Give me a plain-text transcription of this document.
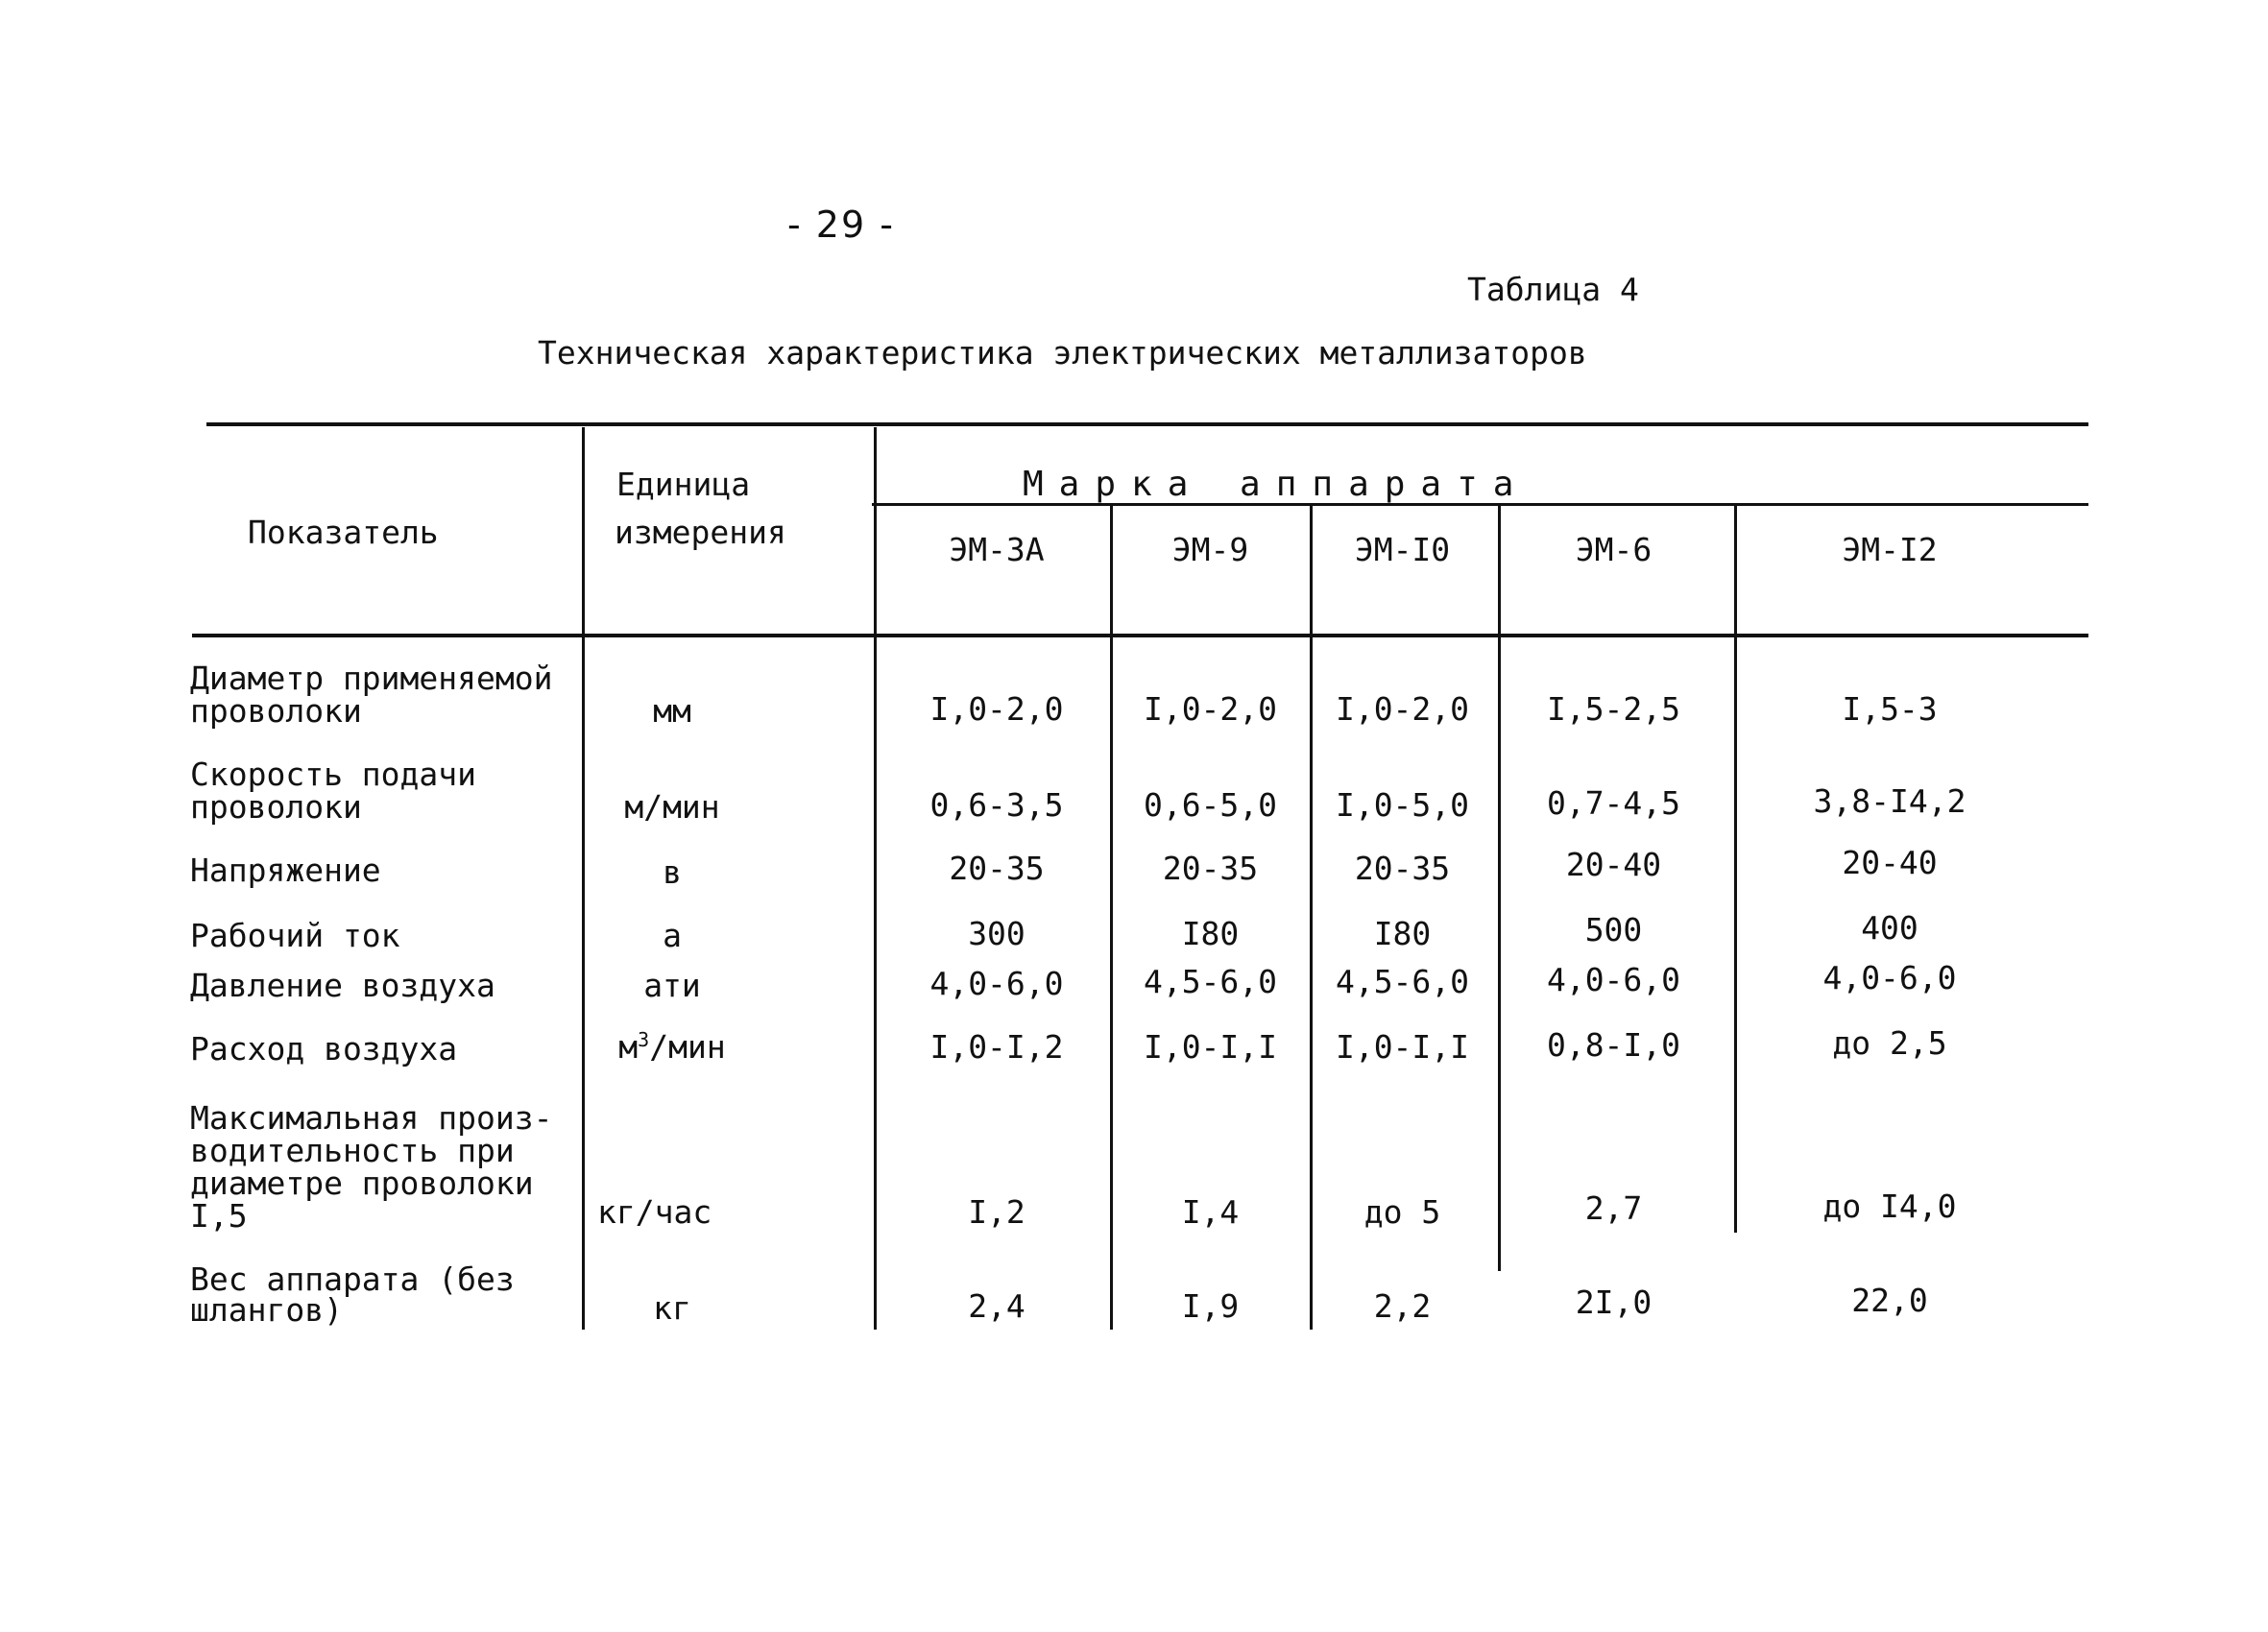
- 29 -
Таблица 4
Техническая характеристика электрических металлизаторов
Показатель
Единица
измерения
Марка аппарата
ЭМ-3А	ЭМ-9	ЭМ-І0	ЭМ-6	ЭМ-І2
Диаметр применяемой
проволоки	мм	І,0-2,0	І,0-2,0	І,0-2,0	І,5-2,5	І,5-3
Скорость подачи
проволоки	м/мин	0,6-3,5	0,6-5,0	І,0-5,0	0,7-4,5	3,8-І4,2
Напряжение	в	20-35	20-35	20-35	20-40	20-40
Рабочий ток	а	300	І80	І80	500	400
Давление воздуха	ати	4,0-6,0	4,5-6,0	4,5-6,0	4,0-6,0	4,0-6,0
Расход воздуха	$м^3$/мин	І,0-І,2	І,0-І,І	І,0-І,І	0,8-І,0	до 2,5
Максимальная произ-
водительность при
диаметре проволоки
І,5	кг/час	І,2	І,4	до 5	2,7	до І4,0
Вес аппарата (без
шлангов)	кг	2,4	І,9	2,2	2І,0	22,0
